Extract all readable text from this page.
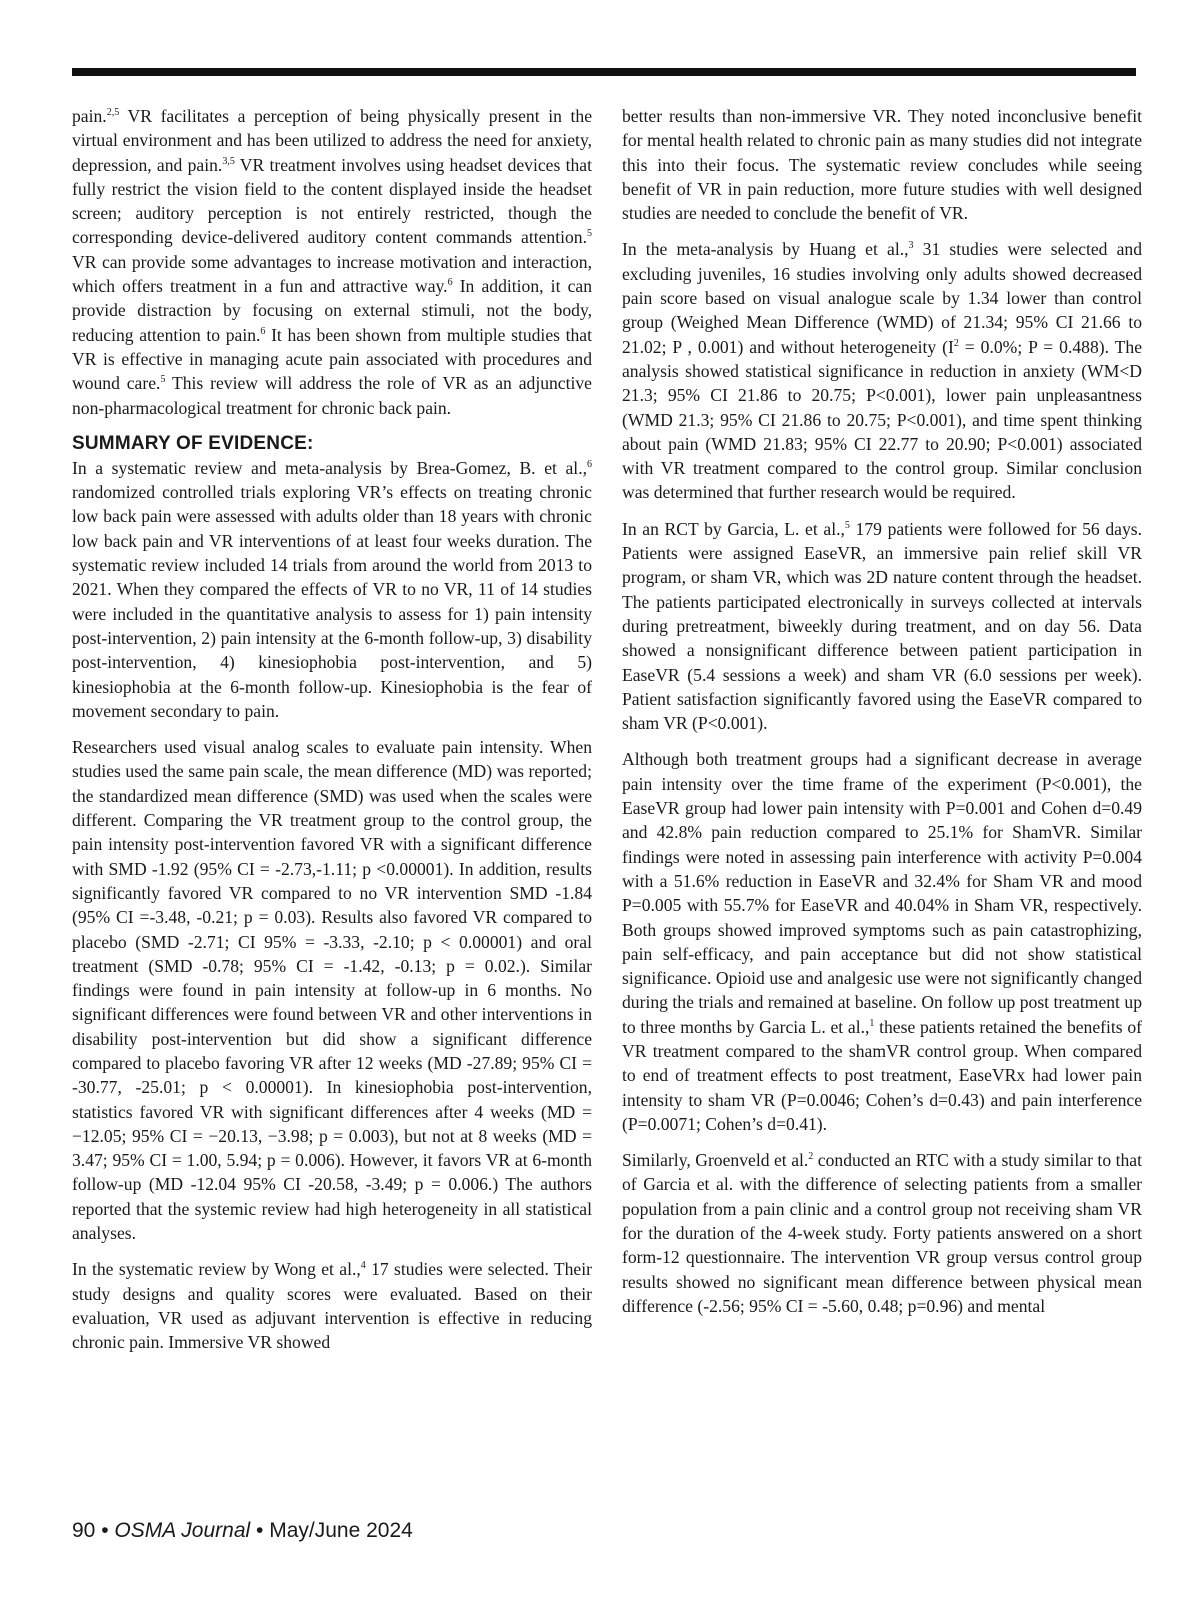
pain.$^{2,5}$ VR facilitates a perception of being physically present in the virtual environment and has been utilized to address the need for anxiety, depression, and pain.$^{3,5}$ VR treatment involves using headset devices that fully restrict the vision field to the content displayed inside the headset screen; auditory perception is not entirely restricted, though the corresponding device-delivered auditory content commands attention.$^5$ VR can provide some advantages to increase motivation and interaction, which offers treatment in a fun and attractive way.$^6$ In addition, it can provide distraction by focusing on external stimuli, not the body, reducing attention to pain.$^6$ It has been shown from multiple studies that VR is effective in managing acute pain associated with procedures and wound care.$^5$ This review will address the role of VR as an adjunctive non-pharmacological treatment for chronic back pain.

SUMMARY OF EVIDENCE:

In a systematic review and meta-analysis by Brea-Gomez, B. et al.,$^6$ randomized controlled trials exploring VR’s effects on treating chronic low back pain were assessed with adults older than 18 years with chronic low back pain and VR interventions of at least four weeks duration. The systematic review included 14 trials from around the world from 2013 to 2021. When they compared the effects of VR to no VR, 11 of 14 studies were included in the quantitative analysis to assess for 1) pain intensity post-intervention, 2) pain intensity at the 6-month follow-up, 3) disability post-intervention, 4) kinesiophobia post-intervention, and 5) kinesiophobia at the 6-month follow-up. Kinesiophobia is the fear of movement secondary to pain.

Researchers used visual analog scales to evaluate pain intensity. When studies used the same pain scale, the mean difference (MD) was reported; the standardized mean difference (SMD) was used when the scales were different. Comparing the VR treatment group to the control group, the pain intensity post-intervention favored VR with a significant difference with SMD -1.92 (95% CI = -2.73,-1.11; p <0.00001). In addition, results significantly favored VR compared to no VR intervention SMD -1.84 (95% CI =-3.48, -0.21; p = 0.03). Results also favored VR compared to placebo (SMD -2.71; CI 95% = -3.33, -2.10; p < 0.00001) and oral treatment (SMD -0.78; 95% CI = -1.42, -0.13; p = 0.02.). Similar findings were found in pain intensity at follow-up in 6 months. No significant differences were found between VR and other interventions in disability post-intervention but did show a significant difference compared to placebo favoring VR after 12 weeks (MD -27.89; 95% CI = -30.77, -25.01; p < 0.00001). In kinesiophobia post-intervention, statistics favored VR with significant differences after 4 weeks (MD = −12.05; 95% CI = −20.13, −3.98; p = 0.003), but not at 8 weeks (MD = 3.47; 95% CI = 1.00, 5.94; p = 0.006). However, it favors VR at 6-month follow-up (MD -12.04 95% CI -20.58, -3.49; p = 0.006.) The authors reported that the systemic review had high heterogeneity in all statistical analyses.

In the systematic review by Wong et al.,$^4$ 17 studies were selected. Their study designs and quality scores were evaluated. Based on their evaluation, VR used as adjuvant intervention is effective in reducing chronic pain. Immersive VR showed

better results than non-immersive VR. They noted inconclusive benefit for mental health related to chronic pain as many studies did not integrate this into their focus. The systematic review concludes while seeing benefit of VR in pain reduction, more future studies with well designed studies are needed to conclude the benefit of VR.

In the meta-analysis by Huang et al.,$^3$ 31 studies were selected and excluding juveniles, 16 studies involving only adults showed decreased pain score based on visual analogue scale by 1.34 lower than control group (Weighed Mean Difference (WMD) of 21.34; 95% CI 21.66 to 21.02; P , 0.001) and without heterogeneity ($I^2 = 0.0\%$; P = 0.488). The analysis showed statistical significance in reduction in anxiety (WM<D 21.3; 95% CI 21.86 to 20.75; P<0.001), lower pain unpleasantness (WMD 21.3; 95% CI 21.86 to 20.75; P<0.001), and time spent thinking about pain (WMD 21.83; 95% CI 22.77 to 20.90; P<0.001) associated with VR treatment compared to the control group. Similar conclusion was determined that further research would be required.

In an RCT by Garcia, L. et al.,$^5$ 179 patients were followed for 56 days. Patients were assigned EaseVR, an immersive pain relief skill VR program, or sham VR, which was 2D nature content through the headset. The patients participated electronically in surveys collected at intervals during pretreatment, biweekly during treatment, and on day 56. Data showed a nonsignificant difference between patient participation in EaseVR (5.4 sessions a week) and sham VR (6.0 sessions per week). Patient satisfaction significantly favored using the EaseVR compared to sham VR (P<0.001).

Although both treatment groups had a significant decrease in average pain intensity over the time frame of the experiment (P<0.001), the EaseVR group had lower pain intensity with P=0.001 and Cohen d=0.49 and 42.8% pain reduction compared to 25.1% for ShamVR. Similar findings were noted in assessing pain interference with activity P=0.004 with a 51.6% reduction in EaseVR and 32.4% for Sham VR and mood P=0.005 with 55.7% for EaseVR and 40.04% in Sham VR, respectively. Both groups showed improved symptoms such as pain catastrophizing, pain self-efficacy, and pain acceptance but did not show statistical significance. Opioid use and analgesic use were not significantly changed during the trials and remained at baseline. On follow up post treatment up to three months by Garcia L. et al.,$^1$ these patients retained the benefits of VR treatment compared to the shamVR control group. When compared to end of treatment effects to post treatment, EaseVRx had lower pain intensity to sham VR (P=0.0046; Cohen’s d=0.43) and pain interference (P=0.0071; Cohen’s d=0.41).

Similarly, Groenveld et al.$^2$ conducted an RTC with a study similar to that of Garcia et al. with the difference of selecting patients from a smaller population from a pain clinic and a control group not receiving sham VR for the duration of the 4-week study. Forty patients answered on a short form-12 questionnaire. The intervention VR group versus control group results showed no significant mean difference between physical mean difference (-2.56; 95% CI = -5.60, 0.48; p=0.96) and mental

90 • OSMA Journal • May/June 2024
